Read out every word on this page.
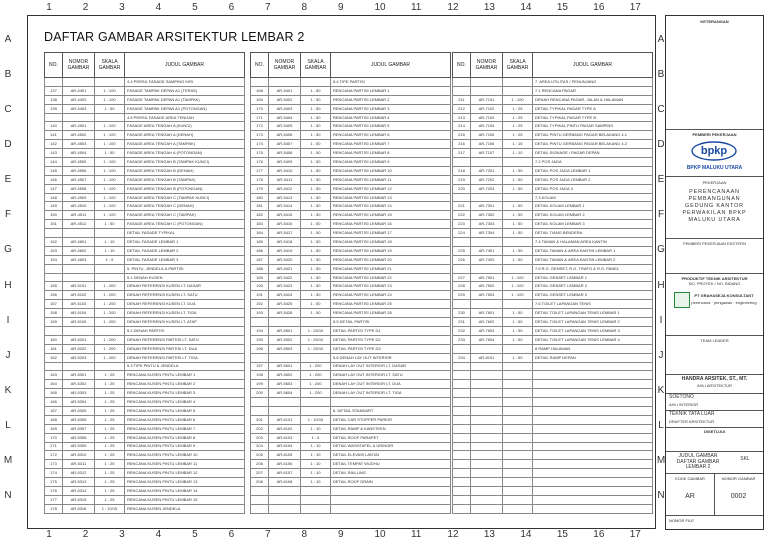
1	2	3	4	5	6	7	8	9	10	11	12	13	14	15	16	17
1	2	3	4	5	6	7	8	9	10	11	12	13	14	15	16	17
A
B
C
D
E
F
G
H
I
J
K
L
M
N
A
B
C
D
E
F
G
H
I
J
K
L
M
N
DAFTAR GAMBAR ARSITEKTUR LEMBAR 2
NO.	NOMOR GAMBAR	SKALA GAMBAR	JUDUL GAMBAR
			4.4 PERSIL FASADE SAMPING KIRI
137	AR-4401	1 : 100	FASADE TAMPAK DEPAN A1 (TERAS)
138	AR-4402	1 : 100	FASADE TAMPAK DEPAN A1 (TAMPAK)
139	AR-4403	1 : 50	FASADE TAMPAK DEPAN A1 (POTONGAN)
			4.5 PERSIL FASADE AREA TENGAH
140	AR-4501	1 : 100	FASADE AREA TENGAH A (KUNCI)
141	AR-4502	1 : 100	FASADE AREA TENGAH A (DENAH)
142	AR-4503	1 : 100	FASADE AREA TENGAH A (TAMPAK)
143	AR-4504	1 : 50	FASADE AREA TENGAH A (POTONGAN)
144	AR-4505	1 : 100	FASADE AREA TENGAH B (TAMPAK KUNCI)
145	AR-4506	1 : 100	FASADE AREA TENGAH B (DENAH)
146	AR-4507	1 : 100	FASADE AREA TENGAH B (TAMPAK)
147	AR-4508	1 : 100	FASADE AREA TENGAH B (POTONGAN)
148	AR-4509	1 : 100	FASADE AREA TENGAH C (TAMPAK KUNCI)
149	AR-4510	1 : 100	FASADE AREA TENGAH C (DENAH)
150	AR-4511	1 : 100	FASADE AREA TENGAH C (TAMPAK)
151	AR-4512	1 : 50	FASADE AREA TENGAH C (POTONGAN)
			DETAIL FASADE TYPIKAL
152	AR-4601	1 : 10	DETAIL FASADE LEMBAR 1
153	AR-4602	1 : 10	DETAIL FASADE LEMBAR 2
154	AR-4603	1 : 5	DETAIL FASADE LEMBAR 3
			5. PINTU, JENDELA & PARTISI
			5.1 DENAH KUSEN
155	AR-5101	1 : 200	DENAH REFERENSI KUSEN LT. DASAR
156	AR-5102	1 : 200	DENAH REFERENSI KUSEN LT. SATU
157	AR-5103	1 : 200	DENAH REFERENSI KUSEN LT. DUA
158	AR-5104	1 : 200	DENAH REFERENSI KUSEN LT. TIGA
159	AR-5105	1 : 200	DENAH REFERENSI KUSEN LT. ATAP
			5.2 DENAH PARTISI
160	AR-5201	1 : 200	DENAH REFERENSI PARTISI LT. SATU
161	AR-5202	1 : 200	DENAH REFERENSI PARTISI LT. DUA
162	AR-5203	1 : 200	DENAH REFERENSI PARTISI LT. TIGA
			5.3 TIPE PINTU & JENDELA
163	AR-5301	1 : 25	RENCANA KUSEN PINTU LEMBAR 1
164	AR-5302	1 : 25	RENCANA KUSEN PINTU LEMBAR 2
165	AR-5303	1 : 25	RENCANA KUSEN PINTU LEMBAR 3
166	AR-5304	1 : 25	RENCANA KUSEN PINTU LEMBAR 4
167	AR-5305	1 : 25	RENCANA KUSEN PINTU LEMBAR 5
168	AR-5306	1 : 25	RENCANA KUSEN PINTU LEMBAR 6
169	AR-5307	1 : 25	RENCANA KUSEN PINTU LEMBAR 7
170	AR-5308	1 : 25	RENCANA KUSEN PINTU LEMBAR 8
171	AR-5309	1 : 25	RENCANA KUSEN PINTU LEMBAR 9
172	AR-5310	1 : 25	RENCANA KUSEN PINTU LEMBAR 10
173	AR-5311	1 : 25	RENCANA KUSEN PINTU LEMBAR 11
174	AR-5312	1 : 25	RENCANA KUSEN PINTU LEMBAR 12
175	AR-5313	1 : 25	RENCANA KUSEN PINTU LEMBAR 13
176	AR-5314	1 : 25	RENCANA KUSEN PINTU LEMBAR 14
177	AR-5315	1 : 25	RENCANA KUSEN PINTU LEMBAR 15
178	AR-5316	1 : 10/15	RENCANA KUSEN JENDELA
NO.	NOMOR GAMBAR	SKALA GAMBAR	JUDUL GAMBAR
			5.4 TIPE PARTISI
168	AR-5401	1 : 50	RENCANA PARTISI LEMBAR 1
169	AR-5402	1 : 50	RENCANA PARTISI LEMBAR 2
170	AR-5403	1 : 50	RENCANA PARTISI LEMBAR 3
171	AR-5404	1 : 50	RENCANA PARTISI LEMBAR 4
172	AR-5405	1 : 50	RENCANA PARTISI LEMBAR 5
173	AR-5406	1 : 50	RENCANA PARTISI LEMBAR 6
174	AR-5407	1 : 50	RENCANA PARTISI LEMBAR 7
175	AR-5408	1 : 50	RENCANA PARTISI LEMBAR 8
176	AR-5409	1 : 50	RENCANA PARTISI LEMBAR 9
177	AR-5410	1 : 50	RENCANA PARTISI LEMBAR 10
178	AR-5411	1 : 50	RENCANA PARTISI LEMBAR 11
179	AR-5412	1 : 50	RENCANA PARTISI LEMBAR 12
180	AR-5413	1 : 50	RENCANA PARTISI LEMBAR 13
181	AR-5414	1 : 50	RENCANA PARTISI LEMBAR 14
182	AR-5415	1 : 50	RENCANA PARTISI LEMBAR 15
183	AR-5416	1 : 50	RENCANA PARTISI LEMBAR 16
184	AR-5417	1 : 50	RENCANA PARTISI LEMBAR 17
185	AR-5418	1 : 50	RENCANA PARTISI LEMBAR 18
186	AR-5419	1 : 50	RENCANA PARTISI LEMBAR 19
187	AR-5420	1 : 50	RENCANA PARTISI LEMBAR 20
188	AR-5421	1 : 50	RENCANA PARTISI LEMBAR 21
189	AR-5422	1 : 50	RENCANA PARTISI LEMBAR 22
190	AR-5423	1 : 50	RENCANA PARTISI LEMBAR 23
191	AR-5424	1 : 50	RENCANA PARTISI LEMBAR 24
192	AR-5425	1 : 50	RENCANA PARTISI LEMBAR 25
193	AR-5426	1 : 50	RENCANA PARTISI LEMBAR 26
			5.5 DETAIL PARTISI
194	AR-5501	1 : 25/10	DETAIL PARTISI TYPE D1
195	AR-5502	1 : 25/10	DETAIL PARTISI TYPE D2
196	AR-5503	1 : 25/10	DETAIL PARTISI TYPE D3
			5.6 DENAH LAY OUT INTERIOR
197	AR-5601	1 : 200	DENAH LAY OUT INTERIOR LT. DASAR
198	AR-5602	1 : 200	DENAH LAY OUT INTERIOR LT. SATU
199	AR-5603	1 : 200	DENAH LAY OUT INTERIOR LT. DUA
200	AR-5604	1 : 200	DENAH LAY OUT INTERIOR LT. TIGA

			6. DETAIL STANDART
201	AR-6101	1 : 10/15	DETAIL CAR STOPPER PARKIR
202	AR-6102	1 : 10	DETAIL RAMP & KANSTEEN
203	AR-6103	1 : 5	DETAIL ROOF PARAPET
204	AR-6104	1 : 10	DETAIL WASHTAFEL & URINOIR
205	AR-6105	1 : 10	DETAIL ELEVASI LANTAI
206	AR-6106	1 : 10	DETAIL TEMPAT WUDHU
207	AR-6107	1 : 10	DETAIL RAILLING
208	AR-6108	1 : 10	DETAIL ROOF DRAIN

NO.	NOMOR GAMBAR	SKALA GAMBAR	JUDUL GAMBAR
			7. AREA UTILITAS / PENUNJANG
			7.1 RENCANA PAGAR
211	AR-7101	1 : 100	DENAH RENCANA PAGAR, JALAN & HALAMAN
212	AR-7102	1 : 25	DETAIL TYPIKAL PAGAR TYPE A
213	AR-7103	1 : 25	DETAIL TYPIKAL PAGAR TYPE B
214	AR-7104	1 : 25	DETAIL TYPIKAL PINTU PAGAR SAMPING
215	AR-7105	1 : 25	DETAIL PINTU GERBANG PAGAR BELAKANG 4.1
216	AR-7106	1 : 15	DETAIL PINTU GERBANG PAGAR BELAKANG 4.2
217	AR-7107	1 : 10	DETAIL SIGNAGE / PAGAR DEPAN
			7.2 POS JAGA
218	AR-7201	1 : 50	DETAIL POS JAGA LEMBAR 1
219	AR-7202	1 : 50	DETAIL POS JAGA LEMBAR 2
220	AR-7203	1 : 50	DETAIL POS JAGA 3
			7.3 KOLAM
221	AR-7301	1 : 50	DETAIL KOLAM LEMBAR 1
222	AR-7302	1 : 50	DETAIL KOLAM LEMBAR 2
223	AR-7303	1 : 50	DETAIL KOLAM LEMBAR 3
224	AR-7304	1 : 50	DETAIL TIANG BENDERA
			7.4 TAMAN & HALAMAN AREA KANTIN
225	AR-7401	1 : 50	DETAIL TAMAN & AREA KANTIN LEMBAR 1
226	AR-7402	1 : 50	DETAIL TAMAN & AREA KANTIN LEMBAR 2
			7.5 R.G. GENSET, R.G. TRAFO & R.G. PANEL
227	AR-7501	1 : 100	DETAIL GENSET LEMBAR 1
228	AR-7502	1 : 100	DETAIL GENSET LEMBAR 2
229	AR-7503	1 : 100	DETAIL GENSET LEMBAR 3
			7.6 TOILET LAPANGAN TENIS
230	AR-7601	1 : 50	DETAIL TOILET LAPANGAN TENIS LEMBAR 1
231	AR-7602	1 : 50	DETAIL TOILET LAPANGAN TENIS LEMBAR 2
232	AR-7603	1 : 50	DETAIL TOILET LAPANGAN TENIS LEMBAR 3
233	AR-7604	1 : 50	DETAIL TOILET LAPANGAN TENIS LEMBAR 4
			8 RAMP HALAMAN
234	AR-8101	1 : 50	DETAIL RAMP DEPAN

KETERANGAN
PEMBERI PEKERJAAN
bpkp
BPKP MALUKU UTARA
PEKERJAAN
PERENCANAAN PEMBANGUNAN GEDUNG KANTOR PERWAKILAN BPKP MALUKU UTARA
PEMBERI PEKERJAAN EKSTERN
PRODUKTIF TEKNIK ARSITEKTUR
NO. PROYEK / NO. BIDANG
PT GRAHASEJA KONSULTANT
perencana · pengawas · engineering
TEAM LEADER
HANDRA ARSITEK, ST., MT.
AHLI ARSITEKTUR
SOETONO
AHLI INTERIOR
TEKNIK TATA LUAR
DRAFTER ARSITEKTUR
DISETUJUI
JUDUL GAMBAR
DAFTAR GAMBAR LEMBAR 2
SKL
KODE GAMBAR	NOMOR GAMBAR
AR	0002
NOMOR FILE
